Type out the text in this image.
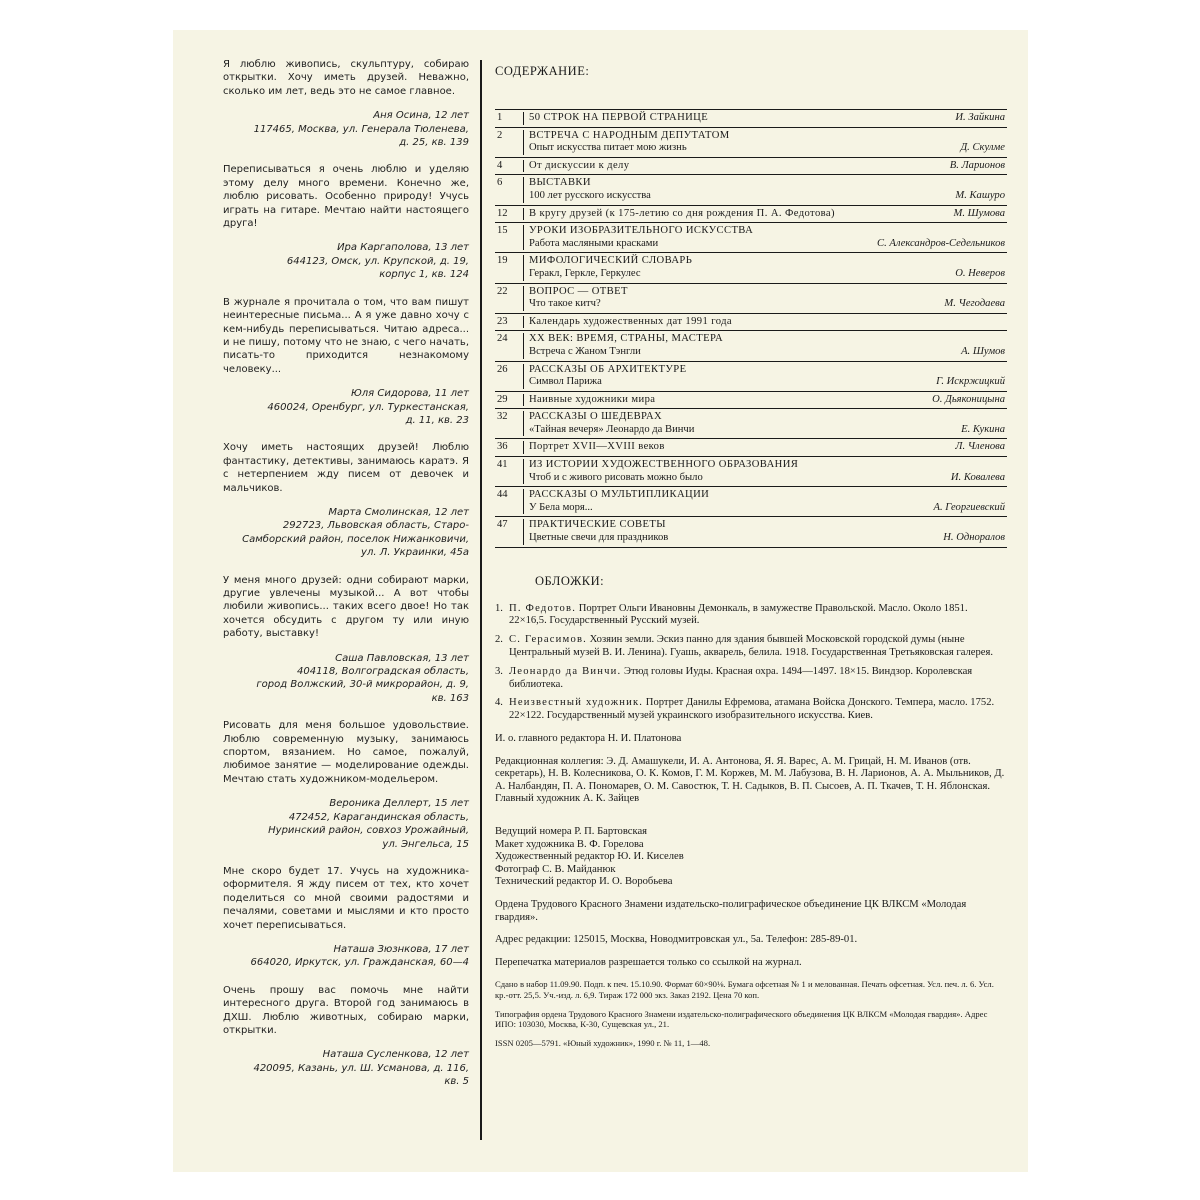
Я люблю живопись, скульптуру, собираю открытки. Хочу иметь друзей. Неважно, сколько им лет, ведь это не самое главное.

Аня Осина, 12 лет
117465, Москва, ул. Генерала Тюленева,
д. 25, кв. 139

Переписываться я очень люблю и уделяю этому делу много времени. Конечно же, люблю рисовать. Особенно природу! Учусь играть на гитаре. Мечтаю найти настоящего друга!

Ира Каргаполова, 13 лет
644123, Омск, ул. Крупской, д. 19,
корпус 1, кв. 124

В журнале я прочитала о том, что вам пишут неинтересные письма... А я уже давно хочу с кем-нибудь переписываться. Читаю адреса... и не пишу, потому что не знаю, с чего начать, писать-то приходится незнакомому человеку...

Юля Сидорова, 11 лет
460024, Оренбург, ул. Туркестанская,
д. 11, кв. 23

Хочу иметь настоящих друзей! Люблю фантастику, детективы, занимаюсь каратэ. Я с нетерпением жду писем от девочек и мальчиков.

Марта Смолинская, 12 лет
292723, Львовская область, Старо-Самборский район, поселок Нижанковичи,
ул. Л. Украинки, 45а

У меня много друзей: одни собирают марки, другие увлечены музыкой... А вот чтобы любили живопись... таких всего двое! Но так хочется обсудить с другом ту или иную работу, выставку!

Саша Павловская, 13 лет
404118, Волгоградская область,
город Волжский, 30-й микрорайон, д. 9,
кв. 163

Рисовать для меня большое удовольствие. Люблю современную музыку, занимаюсь спортом, вязанием. Но самое, пожалуй, любимое занятие — моделирование одежды. Мечтаю стать художником-модельером.

Вероника Деллерт, 15 лет
472452, Карагандинская область,
Нуринский район, совхоз Урожайный,
ул. Энгельса, 15

Мне скоро будет 17. Учусь на художника-оформителя. Я жду писем от тех, кто хочет поделиться со мной своими радостями и печалями, советами и мыслями и кто просто хочет переписываться.

Наташа Зюзнкова, 17 лет
664020, Иркутск, ул. Гражданская, 60—4

Очень прошу вас помочь мне найти интересного друга. Второй год занимаюсь в ДХШ. Люблю животных, собираю марки, открытки.

Наташа Сусленкова, 12 лет
420095, Казань, ул. Ш. Усманова, д. 116,
кв. 5
СОДЕРЖАНИЕ:
1	50 СТРОК НА ПЕРВОЙ СТРАНИЦЕ	И. Зайкина
2	ВСТРЕЧА С НАРОДНЫМ ДЕПУТАТОМ
Опыт искусства питает мою жизнь	Д. Скулме
4	От дискуссии к делу	В. Ларионов
6	ВЫСТАВКИ
100 лет русского искусства	М. Кашуро
12	В кругу друзей (к 175-летию со дня рождения П. А. Федотова)	М. Шумова
15	УРОКИ ИЗОБРАЗИТЕЛЬНОГО ИСКУССТВА
Работа масляными красками	С. Александров-Седельников
19	МИФОЛОГИЧЕСКИЙ СЛОВАРЬ
Геракл, Геркле, Геркулес	О. Неверов
22	ВОПРОС — ОТВЕТ
Что такое китч?	М. Чегодаева
23	Календарь художественных дат 1991 года
24	XX ВЕК: ВРЕМЯ, СТРАНЫ, МАСТЕРА
Встреча с Жаном Тэнгли	А. Шумов
26	РАССКАЗЫ ОБ АРХИТЕКТУРЕ
Символ Парижа	Г. Искржицкий
29	Наивные художники мира	О. Дьяконицына
32	РАССКАЗЫ О ШЕДЕВРАХ
«Тайная вечеря» Леонардо да Винчи	Е. Кукина
36	Портрет XVII—XVIII веков	Л. Членова
41	ИЗ ИСТОРИИ ХУДОЖЕСТВЕННОГО ОБРАЗОВАНИЯ
Чтоб и с живого рисовать можно было	И. Ковалева
44	РАССКАЗЫ О МУЛЬТИПЛИКАЦИИ
У Бела моря...	А. Георгиевский
47	ПРАКТИЧЕСКИЕ СОВЕТЫ
Цветные свечи для праздников	Н. Одноралов
ОБЛОЖКИ:
1. П. Федотов. Портрет Ольги Ивановны Демонкаль, в замужестве Правольской. Масло. Около 1851. 22×16,5. Государственный Русский музей.
2. С. Герасимов. Хозяин земли. Эскиз панно для здания бывшей Московской городской думы (ныне Центральный музей В. И. Ленина). Гуашь, акварель, белила. 1918. Государственная Третьяковская галерея.
3. Леонардо да Винчи. Этюд головы Иуды. Красная охра. 1494—1497. 18×15. Виндзор. Королевская библиотека.
4. Неизвестный художник. Портрет Данилы Ефремова, атамана Войска Донского. Темпера, масло. 1752. 22×122. Государственный музей украинского изобразительного искусства. Киев.
И. о. главного редактора Н. И. Платонова
Редакционная коллегия: Э. Д. Амашукели, И. А. Антонова, Я. Я. Варес, А. М. Грицай, Н. М. Иванов (отв. секретарь), Н. В. Колесникова, О. К. Комов, Г. М. Коржев, М. М. Лабузова, В. Н. Ларионов, А. А. Мыльников, Д. А. Налбандян, П. А. Пономарев, О. М. Савостюк, Т. Н. Садыков, В. П. Сысоев, А. П. Ткачев, Т. Н. Яблонская.
Главный художник А. К. Зайцев
Ведущий номера Р. П. Бартовская
Макет художника В. Ф. Горелова
Художественный редактор Ю. И. Киселев
Фотограф С. В. Майданюк
Технический редактор И. О. Воробьева
Ордена Трудового Красного Знамени издательско-полиграфическое объединение ЦК ВЛКСМ «Молодая гвардия».
Адрес редакции: 125015, Москва, Новодмитровская ул., 5а. Телефон: 285-89-01.
Перепечатка материалов разрешается только со ссылкой на журнал.
Сдано в набор 11.09.90. Подп. к печ. 15.10.90. Формат 60×90⅛. Бумага офсетная № 1 и мелованная. Печать офсетная. Усл. печ. л. 6. Усл. кр.-отт. 25,5. Уч.-изд. л. 6,9. Тираж 172 000 экз. Заказ 2192. Цена 70 коп.
Типография ордена Трудового Красного Знамени издательско-полиграфического объединения ЦК ВЛКСМ «Молодая гвардия». Адрес ИПО: 103030, Москва, К-30, Сущевская ул., 21.
ISSN 0205—5791. «Юный художник», 1990 г. № 11, 1—48.
